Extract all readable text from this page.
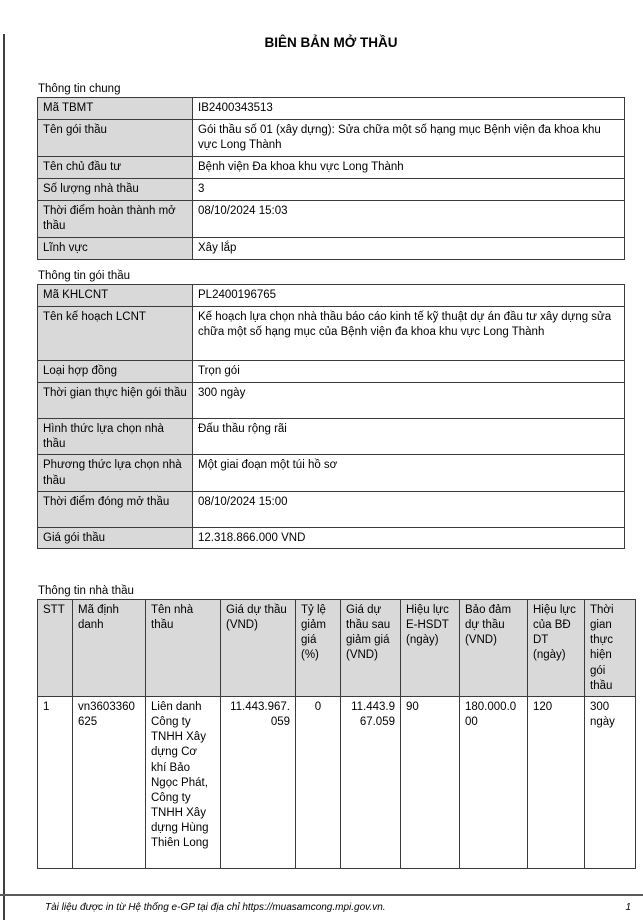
BIÊN BẢN MỞ THẦU
Thông tin chung
Mã TBMT	IB2400343513
Tên gói thầu	Gói thầu số 01 (xây dựng): Sửa chữa một số hạng mục Bệnh viện đa khoa khu vực Long Thành
Tên chủ đầu tư	Bệnh viện Đa khoa khu vực Long Thành
Số lượng nhà thầu	3
Thời điểm hoàn thành mở thầu	08/10/2024 15:03
Lĩnh vực	Xây lắp
Thông tin gói thầu
Mã KHLCNT	PL2400196765
Tên kế hoạch LCNT	Kế hoạch lựa chọn nhà thầu báo cáo kinh tế kỹ thuật dự án đầu tư xây dựng sửa chữa một số hạng mục của Bệnh viện đa khoa khu vực Long Thành
Loại hợp đồng	Trọn gói
Thời gian thực hiện gói thầu	300 ngày
Hình thức lựa chọn nhà thầu	Đấu thầu rộng rãi
Phương thức lựa chọn nhà thầu	Một giai đoạn một túi hồ sơ
Thời điểm đóng mở thầu	08/10/2024 15:00
Giá gói thầu	12.318.866.000 VND
Thông tin nhà thầu
STT	Mã định danh	Tên nhà thầu	Giá dự thầu (VND)	Tỷ lệ giảm giá (%)	Giá dự thầu sau giảm giá (VND)	Hiệu lực E-HSDT (ngày)	Bảo đảm dự thầu (VND)	Hiệu lực của BĐ DT (ngày)	Thời gian thực hiện gói thầu
1	vn3603360625	Liên danh Công ty TNHH Xây dựng Cơ khí Bảo Ngọc Phát, Công ty TNHH Xây dựng Hùng Thiên Long	11.443.967.059	0	11.443.967.059	90	180.000.000	120	300 ngày
Tài liệu được in từ Hệ thống e-GP tại địa chỉ https://muasamcong.mpi.gov.vn.	1
